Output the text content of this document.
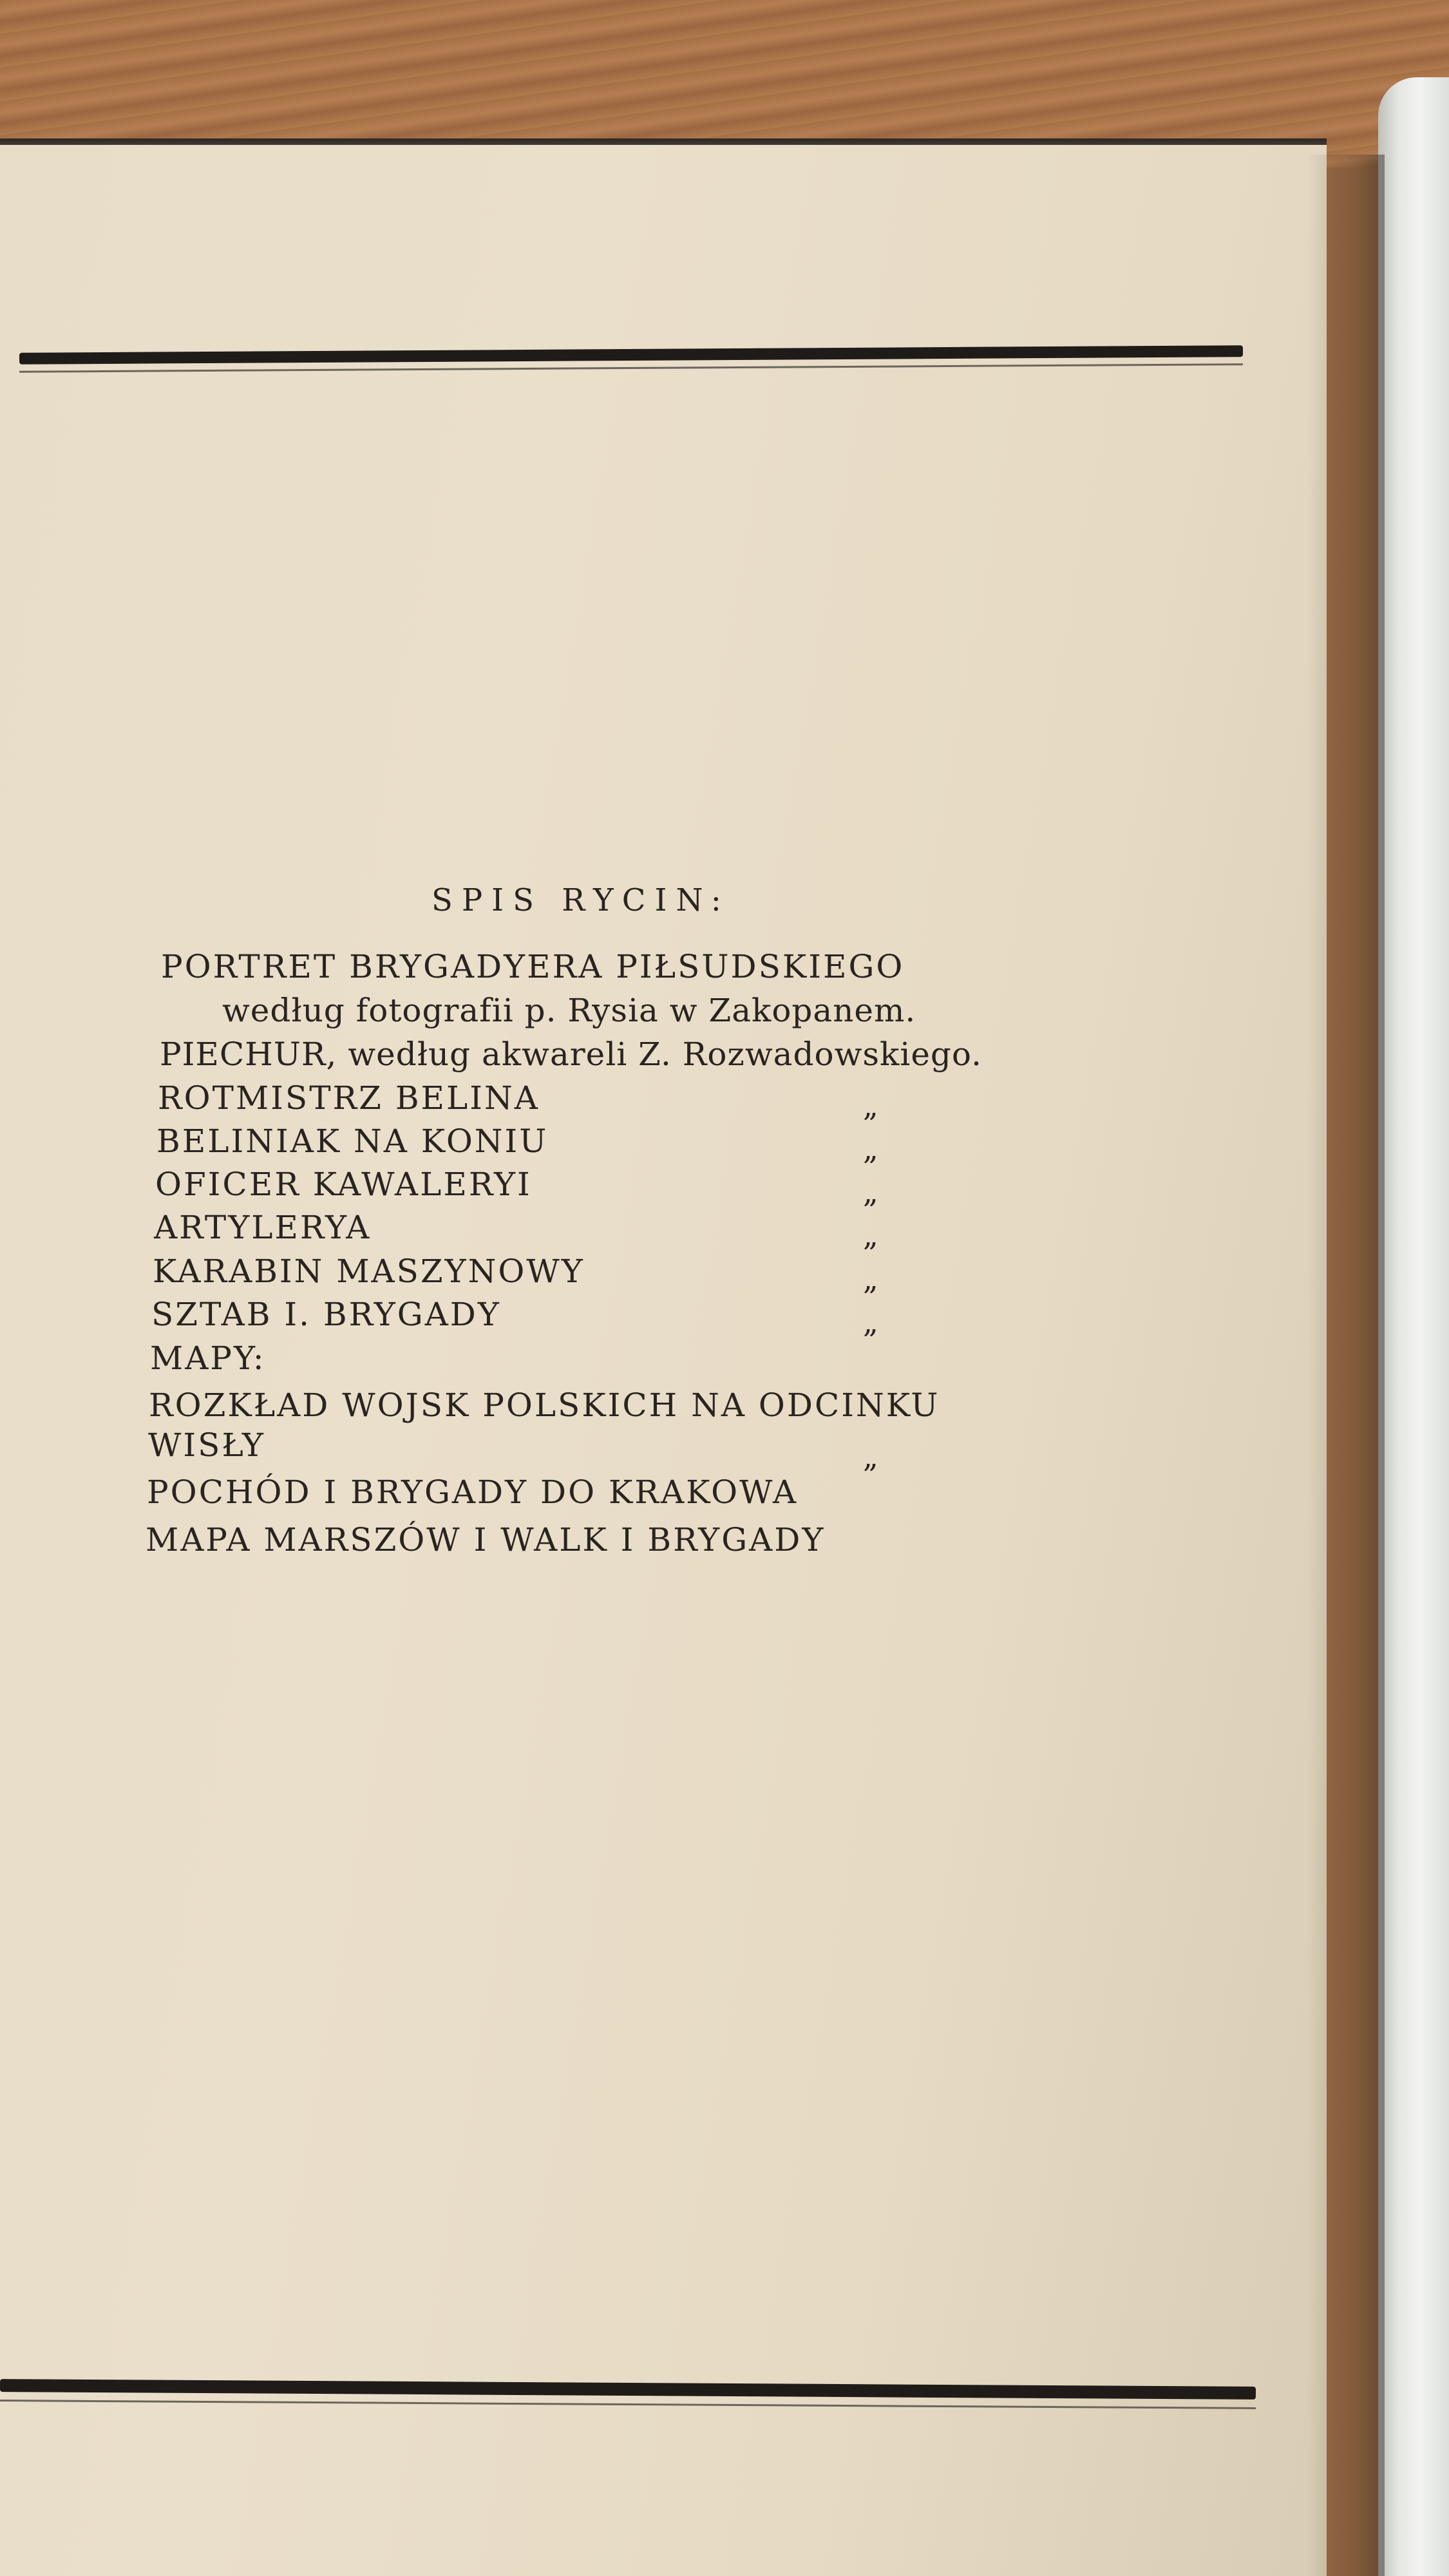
SPIS RYCIN:
PORTRET BRYGADYERA PIŁSUDSKIEGO
według fotografii p. Rysia w Zakopanem.
PIECHUR, według akwareli Z. Rozwadowskiego.
ROTMISTRZ BELINA
BELINIAK NA KONIU
OFICER KAWALERYI
ARTYLERYA
KARABIN MASZYNOWY
SZTAB I. BRYGADY
MAPY:
ROZKŁAD WOJSK POLSKICH NA ODCINKU
WISŁY
POCHÓD I BRYGADY DO KRAKOWA
MAPA MARSZÓW I WALK I BRYGADY
„
„
„
„
„
„
„
